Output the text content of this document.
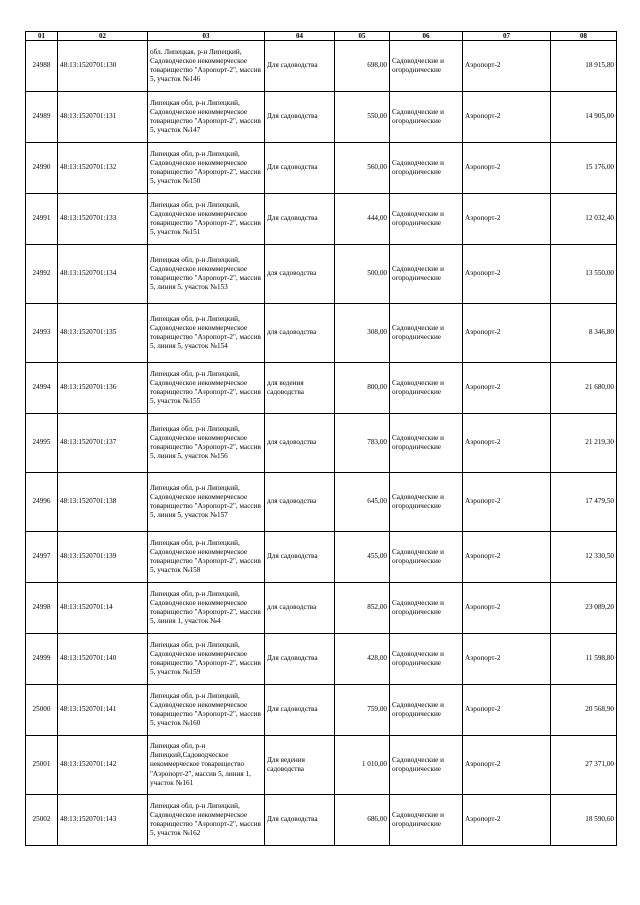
01	02	03	04	05	06	07	08
24988	48:13:1520701:130	обл. Липецкая, р-н Липецкий, Садоводческое некоммерческое товарищество "Аэропорт-2", массив 5, участок №146	Для садоводства	698,00	Садоводческие и огороднические	Аэропорт-2	18 915,80
24989	48:13:1520701:131	Липецкая обл, р-н Липецкий, Садоводческое некоммерческое товарищество "Аэропорт-2", массив 5, участок №147	Для садоводства	550,00	Садоводческие и огороднические	Аэропорт-2	14 905,00
24990	48:13:1520701:132	Липецкая обл, р-н Липецкий, Садоводческое некоммерческое товарищество "Аэропорт-2", массив 5, участок №150	Для садоводства	560,00	Садоводческие и огороднические	Аэропорт-2	15 176,00
24991	48:13:1520701:133	Липецкая обл, р-н Липецкий, Садоводческое некоммерческое товарищество "Аэропорт-2", массив 5, участок №151	Для садоводства	444,00	Садоводческие и огороднические	Аэропорт-2	12 032,40
24992	48:13:1520701:134	Липецкая обл, р-н Липецкий, Садоводческое некоммерческое товарищество "Аэропорт-2", массив 5, линия 5, участок №153	для садоводства	500,00	Садоводческие и огороднические	Аэропорт-2	13 550,00
24993	48:13:1520701:135	Липецкая обл, р-н Липецкий, Садоводческое некоммерческое товарищество "Аэропорт-2", массив 5, линия 5, участок №154	для садоводства	308,00	Садоводческие и огороднические	Аэропорт-2	8 346,80
24994	48:13:1520701:136	Липецкая обл, р-н Липецкий, Садоводческое некоммерческое товарищество "Аэропорт-2", массив 5, участок №155	для ведения садоводства	800,00	Садоводческие и огороднические	Аэропорт-2	21 680,00
24995	48:13:1520701:137	Липецкая обл, р-н Липецкий, Садоводческое некоммерческое товарищество "Аэропорт-2", массив 5, линия 5, участок №156	для садоводства	783,00	Садоводческие и огороднические	Аэропорт-2	21 219,30
24996	48:13:1520701:138	Липецкая обл, р-н Липецкий, Садоводческое некоммерческое товарищество "Аэропорт-2", массив 5, линия 5, участок №157	для садоводства	645,00	Садоводческие и огороднические	Аэропорт-2	17 479,50
24997	48:13:1520701:139	Липецкая обл, р-н Липецкий, Садоводческое некоммерческое товарищество "Аэропорт-2", массив 5, участок №158	Для садоводства	455,00	Садоводческие и огороднические	Аэропорт-2	12 330,50
24998	48:13:1520701:14	Липецкая обл, р-н Липецкий, Садоводческое некоммерческое товарищество "Аэропорт-2", массив 5, линия 1, участок №4	для садоводства	852,00	Садоводческие и огороднические	Аэропорт-2	23 089,20
24999	48:13:1520701:140	Липецкая обл, р-н Липецкий, Садоводческое некоммерческое товарищество "Аэропорт-2", массив 5, участок №159	Для садоводства	428,00	Садоводческие и огороднические	Аэропорт-2	11 598,80
25000	48:13:1520701:141	Липецкая обл, р-н Липецкий, Садоводческое некоммерческое товарищество "Аэропорт-2", массив 5, участок №160	Для садоводства	759,00	Садоводческие и огороднические	Аэропорт-2	20 568,90
25001	48:13:1520701:142	Липецкая обл, р-н Липецкий,Садоводческое некоммерческое товарищество "Аэропорт-2", массив 5, линия 1, участок №161	Для ведения садоводства	1 010,00	Садоводческие и огороднические	Аэропорт-2	27 371,00
25002	48:13:1520701:143	Липецкая обл, р-н Липецкий, Садоводческое некоммерческое товарищество "Аэропорт-2", массив 5, участок №162	Для садоводства	686,00	Садоводческие и огороднические	Аэропорт-2	18 590,60
